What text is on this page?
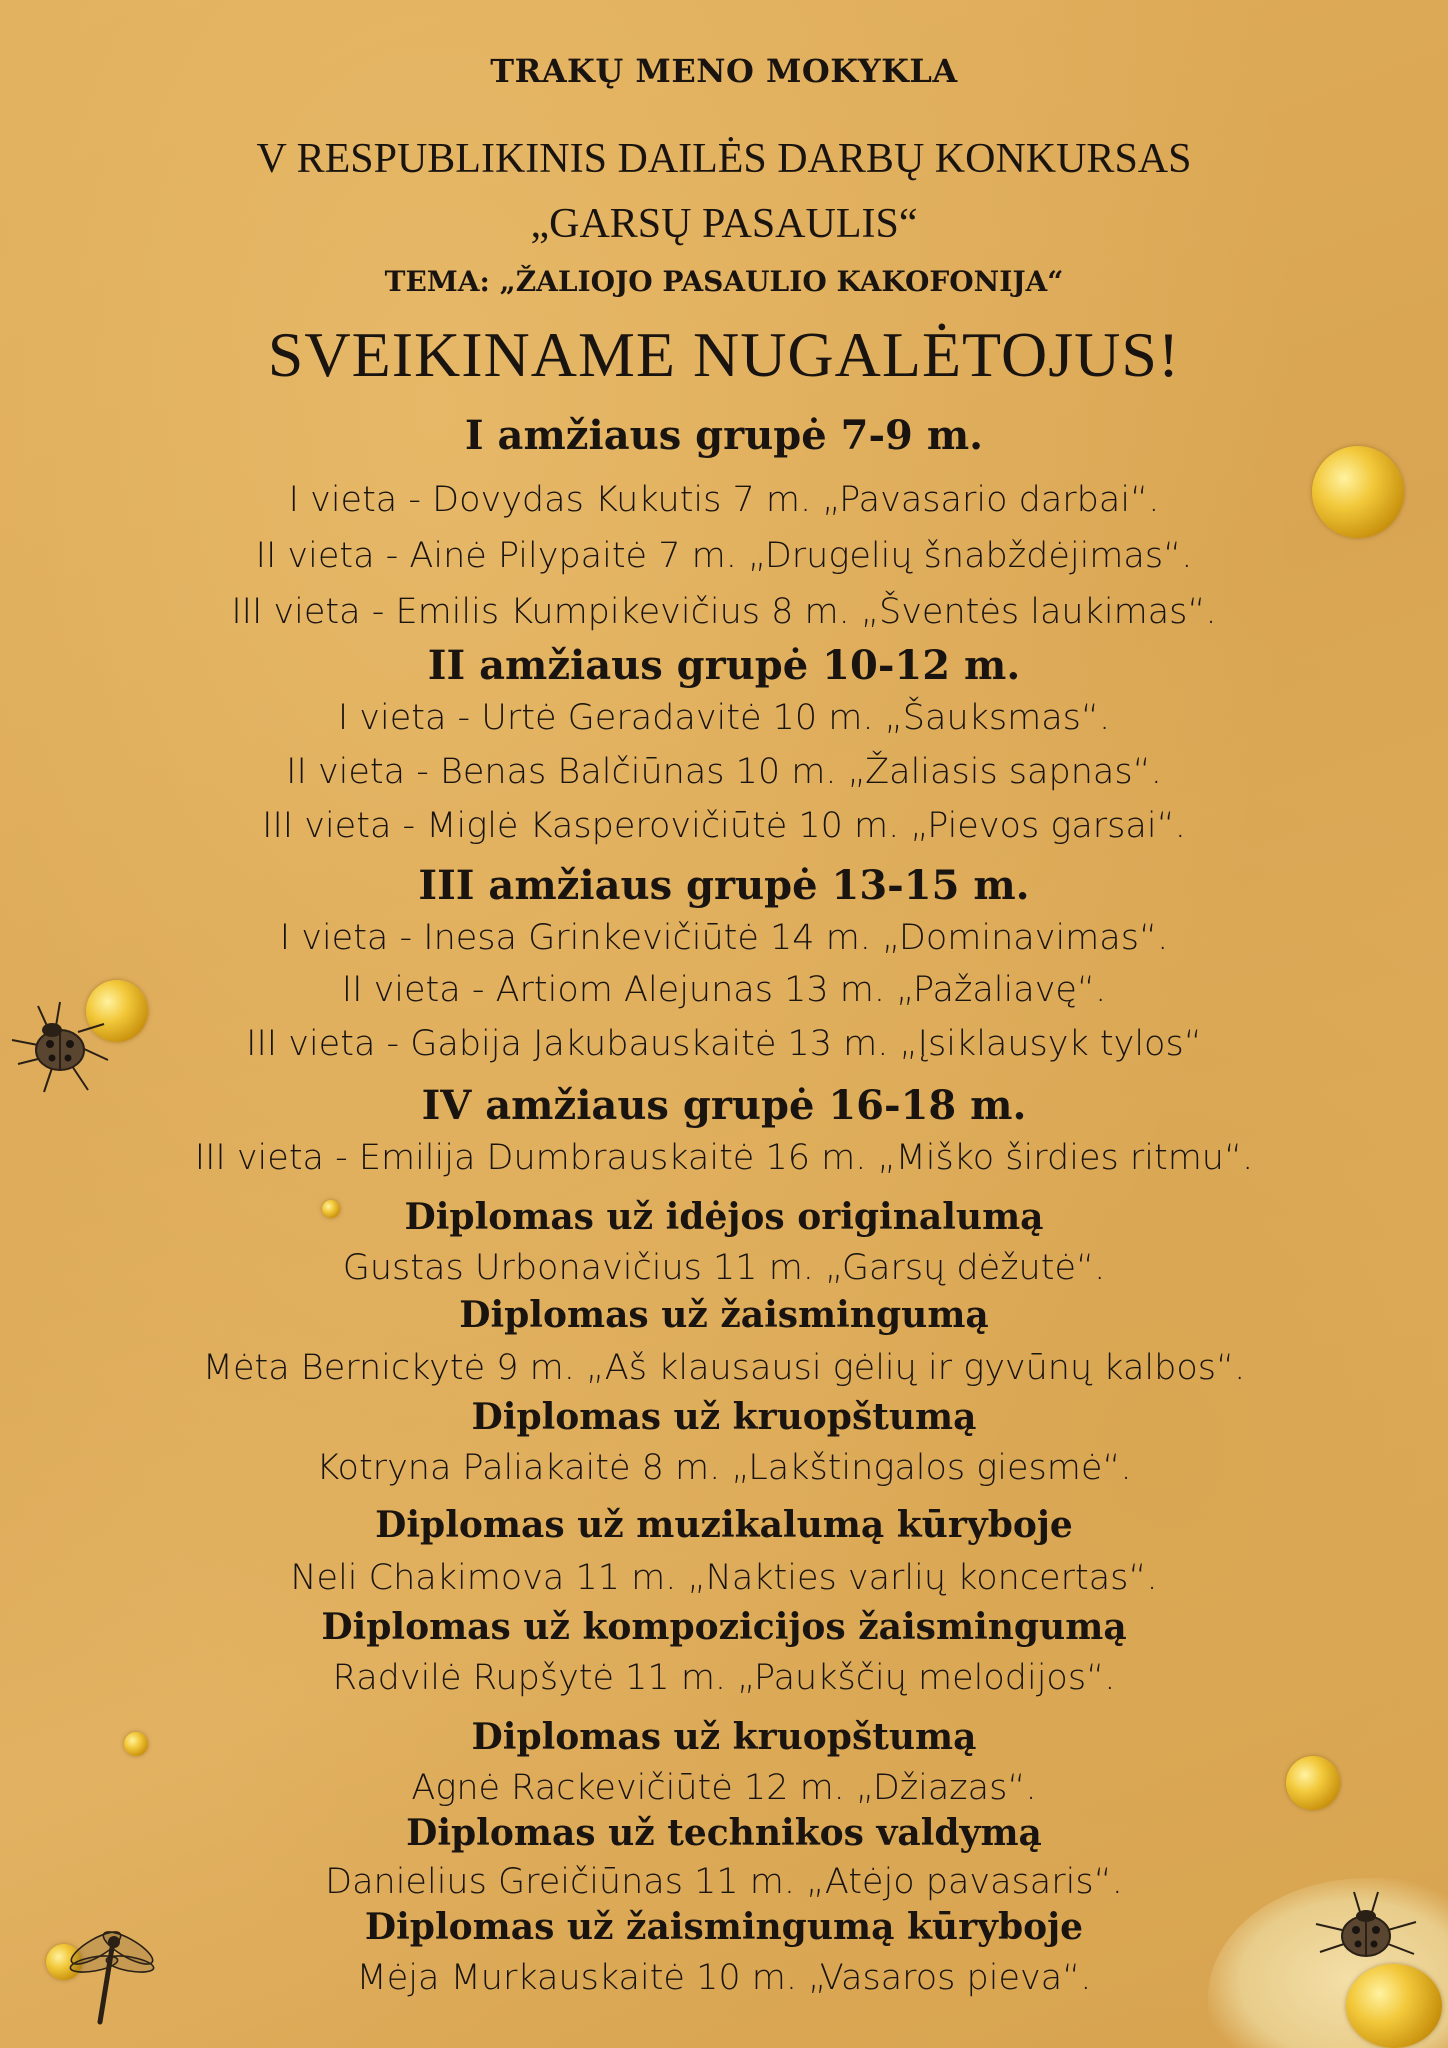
TRAKŲ MENO MOKYKLA
V RESPUBLIKINIS DAILĖS DARBŲ KONKURSAS
„GARSŲ PASAULIS“
TEMA: „ŽALIOJO PASAULIO KAKOFONIJA“
SVEIKINAME NUGALĖTOJUS!
I amžiaus grupė 7-9 m.
I vieta - Dovydas Kukutis 7 m. „Pavasario darbai“.
II vieta - Ainė Pilypaitė 7 m. „Drugelių šnabždėjimas“.
III vieta - Emilis Kumpikevičius 8 m. „Šventės laukimas“.
II amžiaus grupė 10-12 m.
I vieta - Urtė Geradavitė 10 m. „Šauksmas“.
II vieta - Benas Balčiūnas 10 m. „Žaliasis sapnas“.
III vieta - Miglė Kasperovičiūtė 10 m. „Pievos garsai“.
III amžiaus grupė 13-15 m.
I vieta - Inesa Grinkevičiūtė 14 m. „Dominavimas“.
II vieta - Artiom Alejunas 13 m. „Pažaliavę“.
III vieta - Gabija Jakubauskaitė 13 m. „Įsiklausyk tylos“
IV amžiaus grupė 16-18 m.
III vieta - Emilija Dumbrauskaitė 16 m. „Miško širdies ritmu“.
Diplomas už idėjos originalumą
Gustas Urbonavičius 11 m. „Garsų dėžutė“.
Diplomas už žaismingumą
Mėta Bernickytė 9 m. „Aš klausausi gėlių ir gyvūnų kalbos“.
Diplomas už kruopštumą
Kotryna Paliakaitė 8 m. „Lakštingalos giesmė“.
Diplomas už muzikalumą kūryboje
Neli Chakimova 11 m. „Nakties varlių koncertas“.
Diplomas už kompozicijos žaismingumą
Radvilė Rupšytė 11 m. „Paukščių melodijos“.
Diplomas už kruopštumą
Agnė Rackevičiūtė 12 m. „Džiazas“.
Diplomas už technikos valdymą
Danielius Greičiūnas 11 m. „Atėjo pavasaris“.
Diplomas už žaismingumą kūryboje
Mėja Murkauskaitė 10 m. „Vasaros pieva“.
